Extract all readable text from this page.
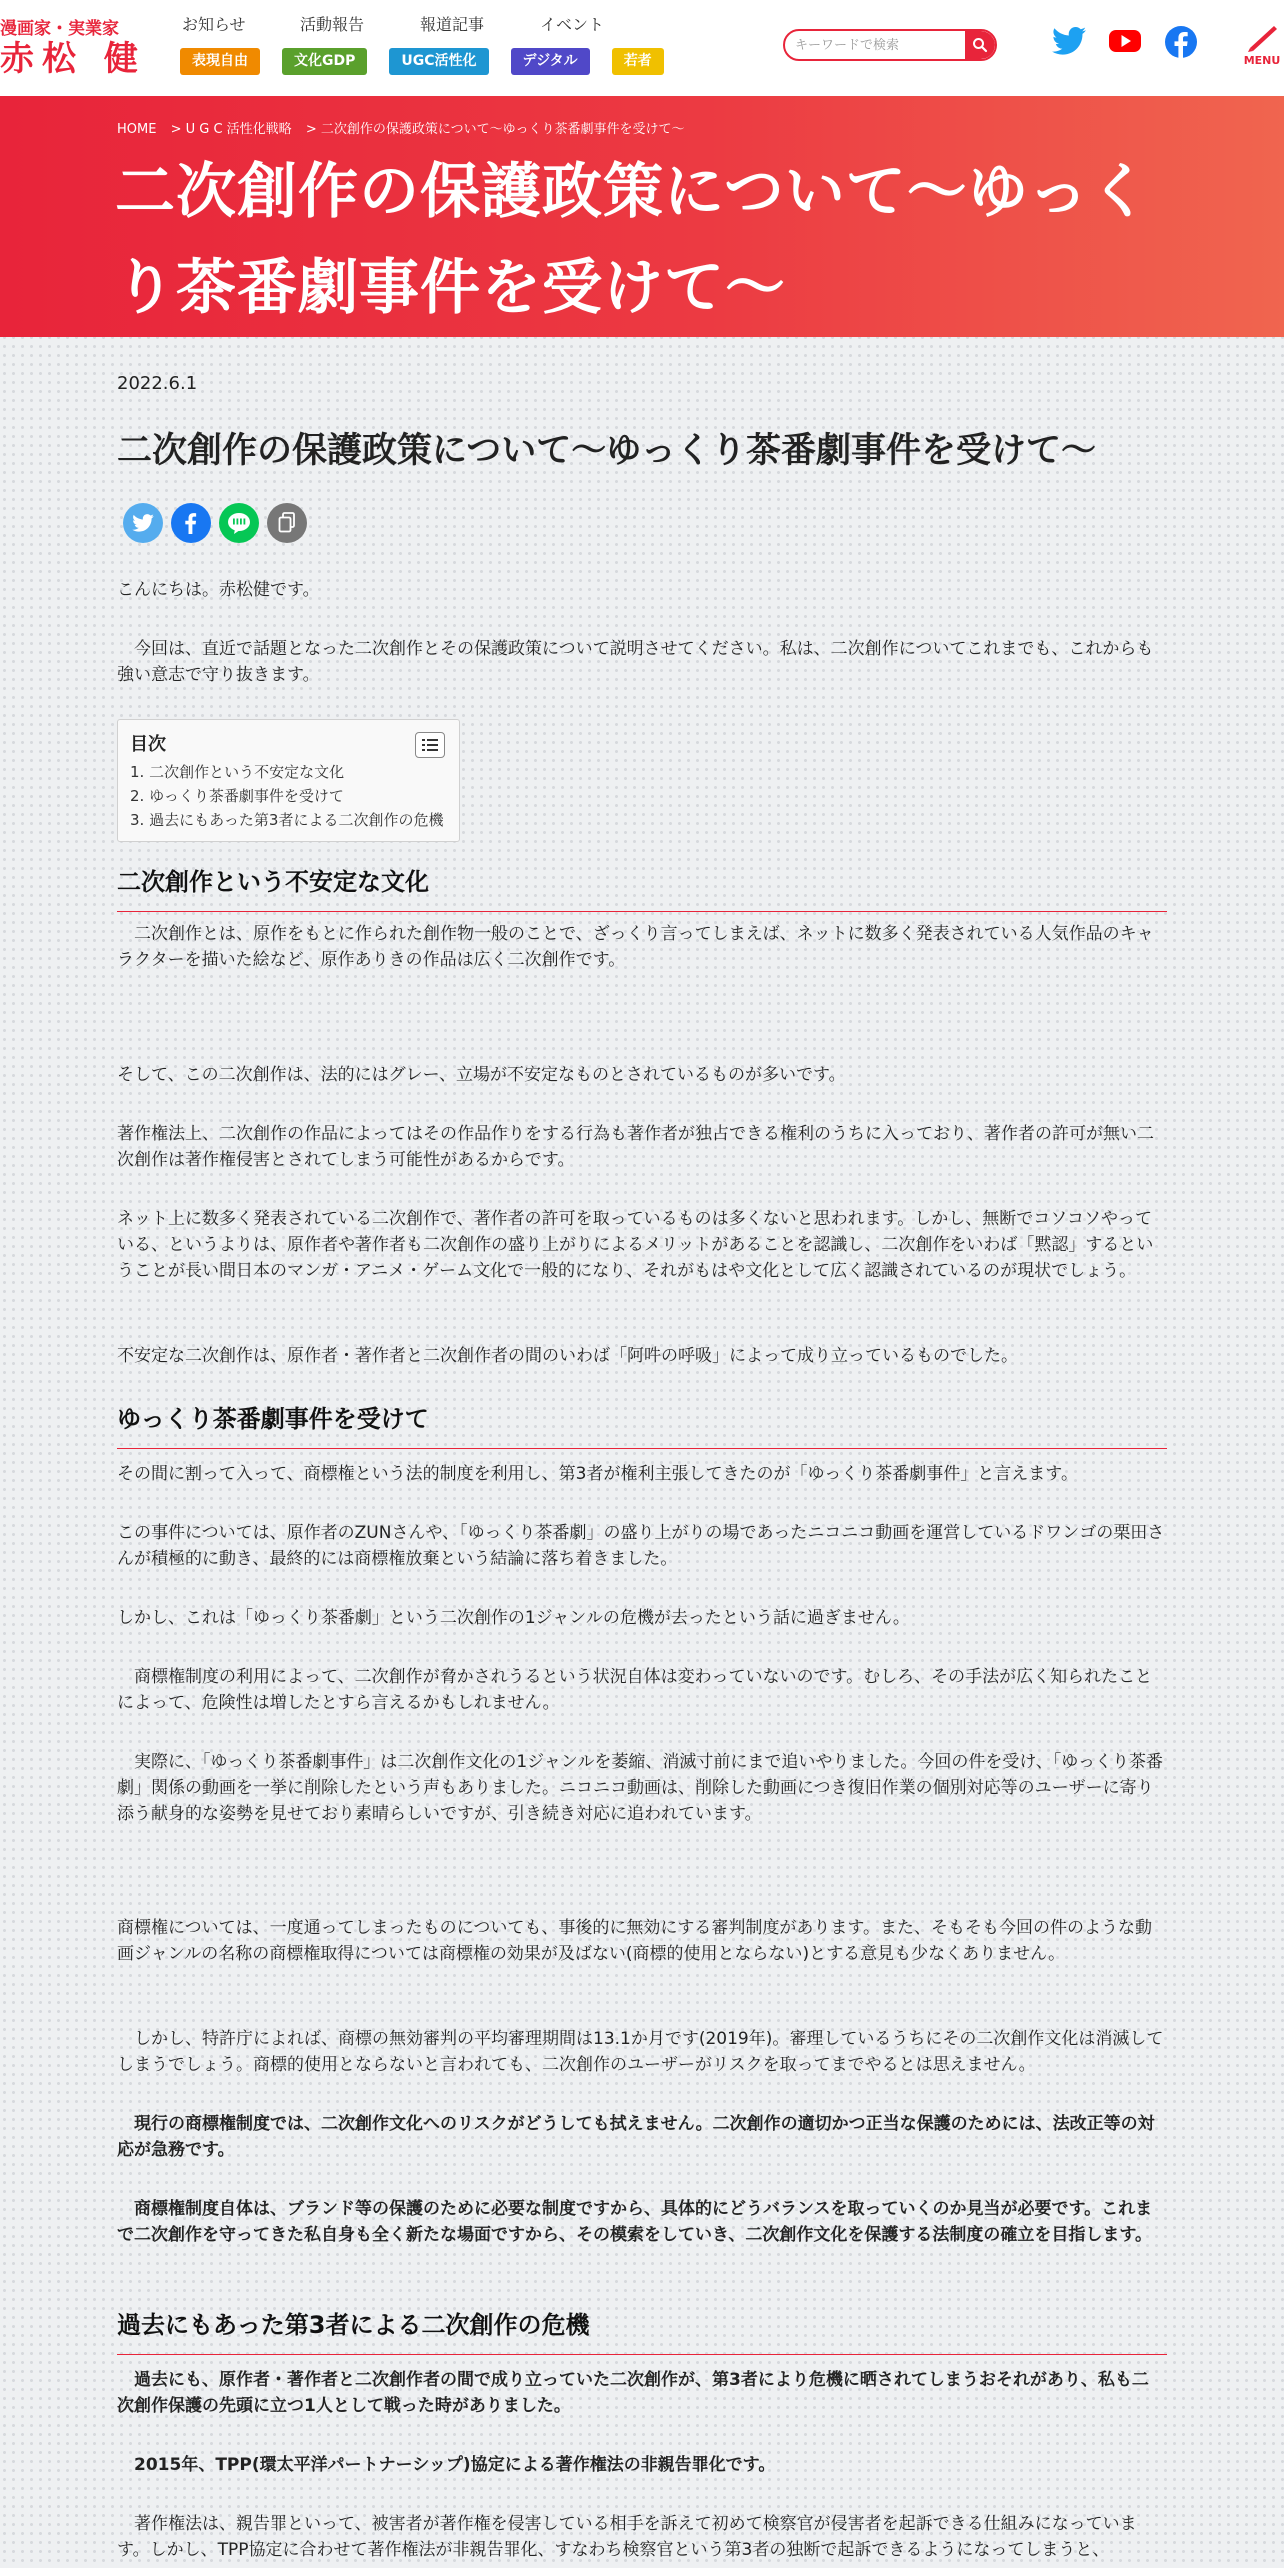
漫画家・実業家
赤松 健
お知らせ	活動報告	報道記事	イベント
表現自由	文化GDP	UGC活性化	デジタル	若者
キーワードで検索	MENU
HOME > U G C 活性化戦略 > 二次創作の保護政策について〜ゆっくり茶番劇事件を受けて〜
二次創作の保護政策について〜ゆっくり茶番劇事件を受けて〜
2022.6.1
二次創作の保護政策について〜ゆっくり茶番劇事件を受けて〜

こんにちは。赤松健です。

　今回は、直近で話題となった二次創作とその保護政策について説明させてください。私は、二次創作についてこれまでも、これからも強い意志で守り抜きます。

目次
1. 二次創作という不安定な文化
2. ゆっくり茶番劇事件を受けて
3. 過去にもあった第3者による二次創作の危機
二次創作という不安定な文化

　二次創作とは、原作をもとに作られた創作物一般のことで、ざっくり言ってしまえば、ネットに数多く発表されている人気作品のキャラクターを描いた絵など、原作ありきの作品は広く二次創作です。

そして、この二次創作は、法的にはグレー、立場が不安定なものとされているものが多いです。

著作権法上、二次創作の作品によってはその作品作りをする行為も著作者が独占できる権利のうちに入っており、著作者の許可が無い二次創作は著作権侵害とされてしまう可能性があるからです。

ネット上に数多く発表されている二次創作で、著作者の許可を取っているものは多くないと思われます。しかし、無断でコソコソやっている、というよりは、原作者や著作者も二次創作の盛り上がりによるメリットがあることを認識し、二次創作をいわば「黙認」するということが長い間日本のマンガ・アニメ・ゲーム文化で一般的になり、それがもはや文化として広く認識されているのが現状でしょう。

不安定な二次創作は、原作者・著作者と二次創作者の間のいわば「阿吽の呼吸」によって成り立っているものでした。

ゆっくり茶番劇事件を受けて

その間に割って入って、商標権という法的制度を利用し、第3者が権利主張してきたのが「ゆっくり茶番劇事件」と言えます。

この事件については、原作者のZUNさんや、「ゆっくり茶番劇」の盛り上がりの場であったニコニコ動画を運営しているドワンゴの栗田さんが積極的に動き、最終的には商標権放棄という結論に落ち着きました。

しかし、これは「ゆっくり茶番劇」という二次創作の1ジャンルの危機が去ったという話に過ぎません。

　商標権制度の利用によって、二次創作が脅かされうるという状況自体は変わっていないのです。むしろ、その手法が広く知られたことによって、危険性は増したとすら言えるかもしれません。

　実際に、「ゆっくり茶番劇事件」は二次創作文化の1ジャンルを萎縮、消滅寸前にまで追いやりました。今回の件を受け、「ゆっくり茶番劇」関係の動画を一挙に削除したという声もありました。ニコニコ動画は、削除した動画につき復旧作業の個別対応等のユーザーに寄り添う献身的な姿勢を見せており素晴らしいですが、引き続き対応に追われています。

商標権については、一度通ってしまったものについても、事後的に無効にする審判制度があります。また、そもそも今回の件のような動画ジャンルの名称の商標権取得については商標権の効果が及ばない(商標的使用とならない)とする意見も少なくありません。

　しかし、特許庁によれば、商標の無効審判の平均審理期間は13.1か月です(2019年)。審理しているうちにその二次創作文化は消滅してしまうでしょう。商標的使用とならないと言われても、二次創作のユーザーがリスクを取ってまでやるとは思えません。

　現行の商標権制度では、二次創作文化へのリスクがどうしても拭えません。二次創作の適切かつ正当な保護のためには、法改正等の対応が急務です。

　商標権制度自体は、ブランド等の保護のために必要な制度ですから、具体的にどうバランスを取っていくのか見当が必要です。これまで二次創作を守ってきた私自身も全く新たな場面ですから、その模索をしていき、二次創作文化を保護する法制度の確立を目指します。

過去にもあった第3者による二次創作の危機

　過去にも、原作者・著作者と二次創作者の間で成り立っていた二次創作が、第3者により危機に晒されてしまうおそれがあり、私も二次創作保護の先頭に立つ1人として戦った時がありました。

　2015年、TPP(環太平洋パートナーシップ)協定による著作権法の非親告罪化です。

　著作権法は、親告罪といって、被害者が著作権を侵害している相手を訴えて初めて検察官が侵害者を起訴できる仕組みになっています。しかし、TPP協定に合わせて著作権法が非親告罪化、すなわち検察官という第3者の独断で起訴できるようになってしまうと、
